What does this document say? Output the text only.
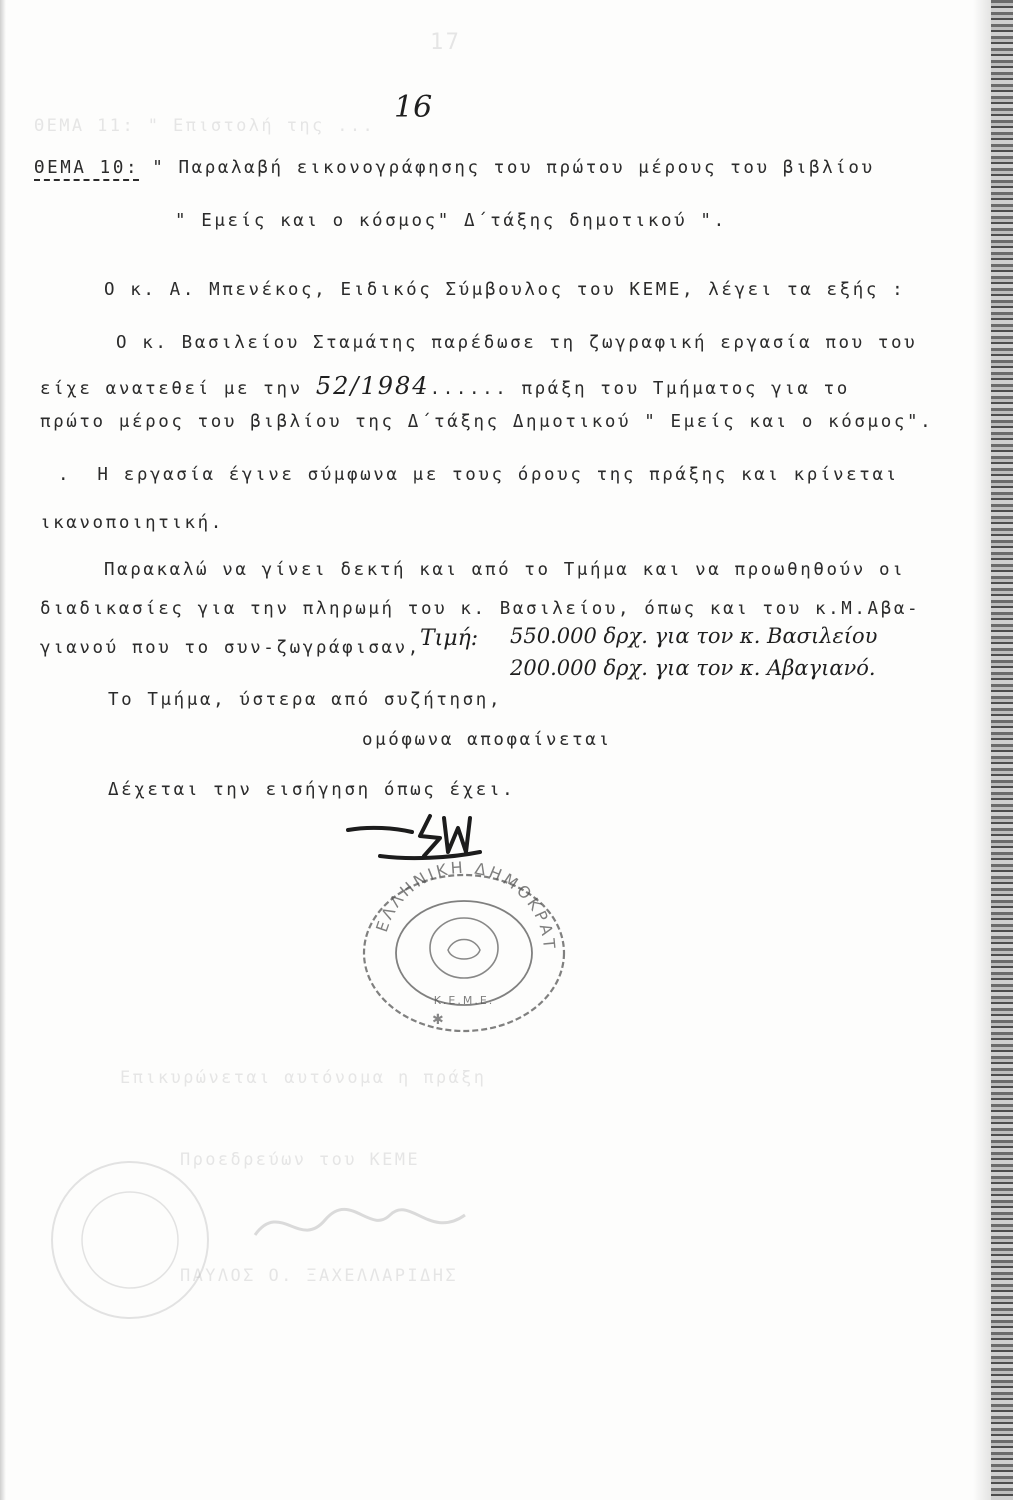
17
ΘΕΜΑ 11: " Επιστολή της ...
Επικυρώνεται αυτόνομα η πράξη
Προεδρεύων του ΚΕΜΕ
ΠΑΥΛΟΣ Ο. ΞΑΧΕΛΛΑΡΙΔΗΣ
16
ΘΕΜΑ 10: " Παραλαβή εικονογράφησης του πρώτου μέρους του βιβλίου
" Εμείς και ο κόσμος" Δ΄τάξης δημοτικού ".
Ο κ. Α. Μπενέκος, Ειδικός Σύμβουλος του ΚΕΜΕ, λέγει τα εξής :
Ο κ. Βασιλείου Σταμάτης παρέδωσε τη ζωγραφική εργασία που του
είχε ανατεθεί με την 52/1984...... πράξη του Τμήματος για το
πρώτο μέρος του βιβλίου της Δ΄τάξης Δημοτικού " Εμείς και ο κόσμος".
.  Η εργασία έγινε σύμφωνα με τους όρους της πράξης και κρίνεται
ικανοποιητική.
Παρακαλώ να γίνει δεκτή και από το Τμήμα και να προωθηθούν οι
διαδικασίες για την πληρωμή του κ. Βασιλείου, όπως και του κ.Μ.Αβα-
γιανού που το συν-ζωγράφισαν, Τιμή: 550.000 δρχ. για τον κ. Βασιλείου
200.000 δρχ. για τον κ. Αβαγιανό.
Το Τμήμα, ύστερα από συζήτηση,
ομόφωνα αποφαίνεται
Δέχεται την εισήγηση όπως έχει.
ΕΛΛΗΝΙΚΗ ΔΗΜΟΚΡΑΤ
Κ.Ε.Μ.Ε.
✱
